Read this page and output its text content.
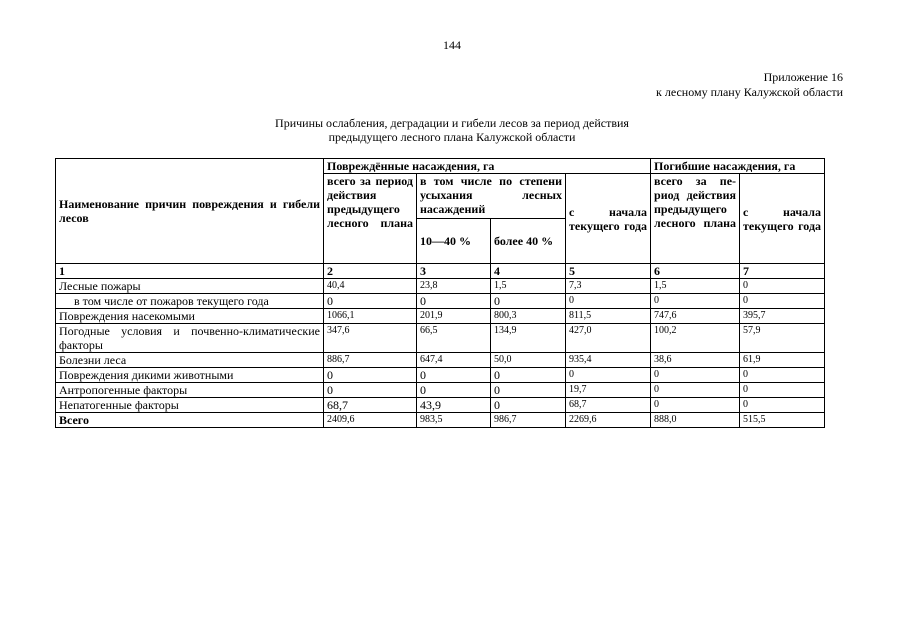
144
Приложение 16
к лесному плану Калужской области
Причины ослабления, деградации и гибели лесов за период действия
предыдущего лесного плана Калужской области
Наименование причин повреждения и гибели лесов	Повреждённые насаждения, га				Погибшие насаждения, га	
	всего за период действия предыдущего лесного плана	в том числе по степени усыхания лесных насаждений		с начала текущего года	всего за период действия предыдущего лесного плана	с начала текущего года
		10—40 %	более 40 %			
1	2	3	4	5	6	7
Лесные пожары	40,4	23,8	1,5	7,3	1,5	0
в том числе от пожаров текущего года	0	0	0	0	0	0
Повреждения насекомыми	1066,1	201,9	800,3	811,5	747,6	395,7
Погодные условия и почвенно-климатические факторы	347,6	66,5	134,9	427,0	100,2	57,9
Болезни леса	886,7	647,4	50,0	935,4	38,6	61,9
Повреждения дикими животными	0	0	0	0	0	0
Антропогенные факторы	0	0	0	19,7	0	0
Непатогенные факторы	68,7	43,9	0	68,7	0	0
Всего	2409,6	983,5	986,7	2269,6	888,0	515,5
